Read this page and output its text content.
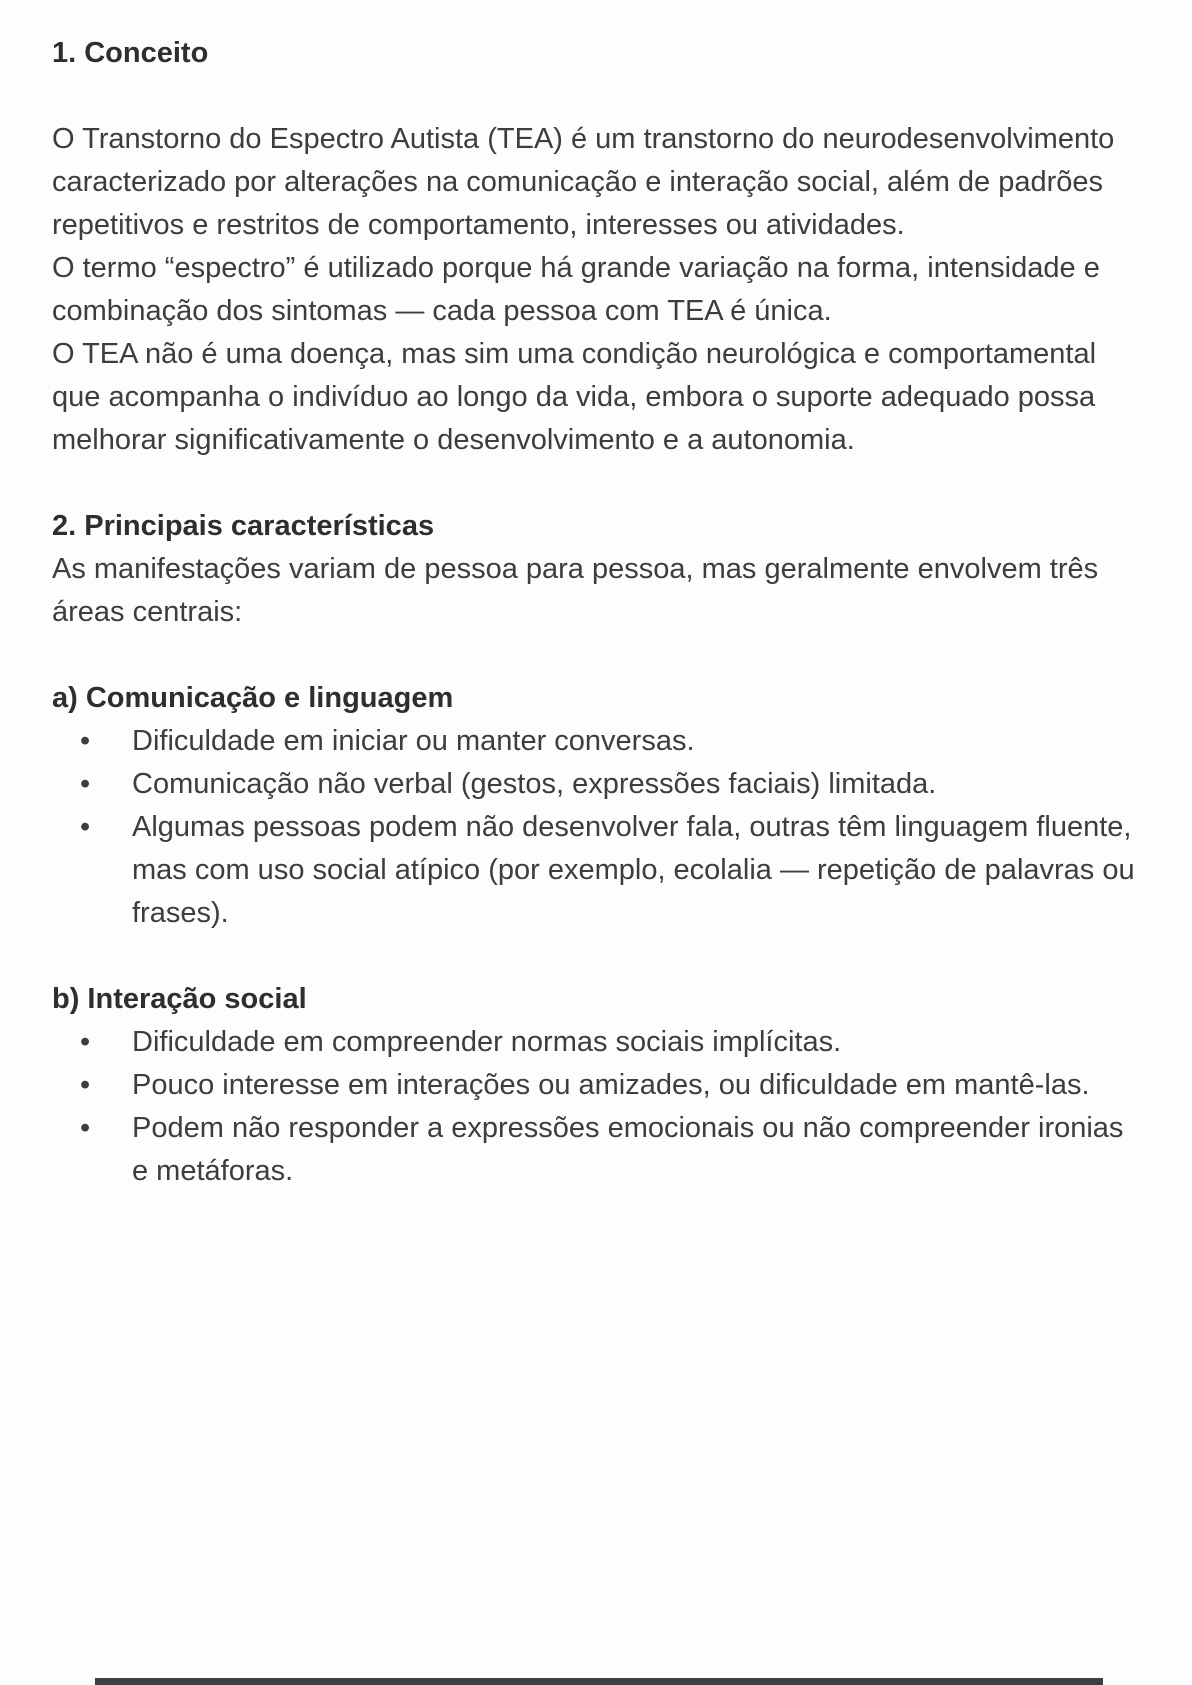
1. Conceito

O Transtorno do Espectro Autista (TEA) é um transtorno do neurodesenvolvimento caracterizado por alterações na comunicação e interação social, além de padrões repetitivos e restritos de comportamento, interesses ou atividades.

O termo “espectro” é utilizado porque há grande variação na forma, intensidade e combinação dos sintomas — cada pessoa com TEA é única.

O TEA não é uma doença, mas sim uma condição neurológica e comportamental que acompanha o indivíduo ao longo da vida, embora o suporte adequado possa melhorar significativamente o desenvolvimento e a autonomia.

2. Principais características

As manifestações variam de pessoa para pessoa, mas geralmente envolvem três áreas centrais:

a) Comunicação e linguagem
•	Dificuldade em iniciar ou manter conversas.
•	Comunicação não verbal (gestos, expressões faciais) limitada.
•	Algumas pessoas podem não desenvolver fala, outras têm linguagem fluente, mas com uso social atípico (por exemplo, ecolalia — repetição de palavras ou frases).
b) Interação social
•	Dificuldade em compreender normas sociais implícitas.
•	Pouco interesse em interações ou amizades, ou dificuldade em mantê-las.
•	Podem não responder a expressões emocionais ou não compreender ironias e metáforas.
